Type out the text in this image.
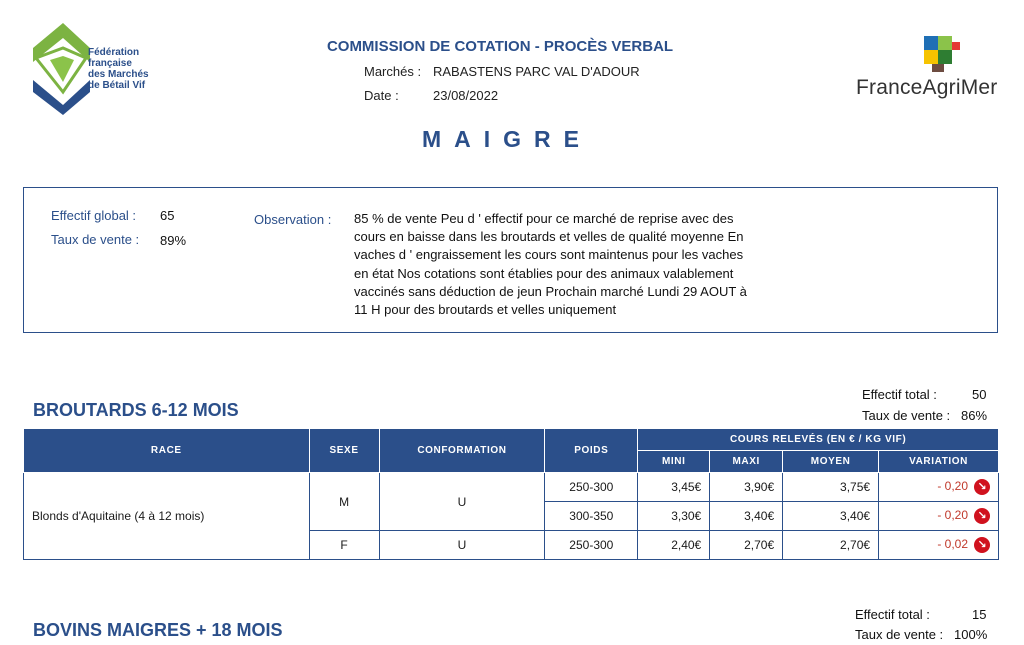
Fédération
française
des Marchés
de Bétail Vif
COMMISSION DE COTATION - PROCÈS VERBAL
Marchés : RABASTENS PARC VAL D'ADOUR
Date :	23/08/2022
MAIGRE
FranceAgriMer
Effectif global : 65
Taux de vente : 89%
Observation : 85 % de vente Peu d ' effectif pour ce marché de reprise avec des
cours en baisse dans les broutards et velles de qualité moyenne En
vaches d ' engraissement les cours sont maintenus pour les vaches
en état Nos cotations sont établies pour des animaux valablement
vaccinés sans déduction de jeun Prochain marché Lundi 29 AOUT à
11 H pour des broutards et velles uniquement
BROUTARDS 6-12 MOIS
Effectif total :	50
Taux de vente : 86%
RACE	SEXE	CONFORMATION	POIDS	COURS RELEVÉS (EN € / KG VIF)			
				MINI	MAXI	MOYEN	VARIATION
Blonds d'Aquitaine (4 à 12 mois)	M	U	250-300	3,45€	3,90€	3,75€	- 0,20 ↘
			300-350	3,30€	3,40€	3,40€	- 0,20 ↘
	F	U	250-300	2,40€	2,70€	2,70€	- 0,02 ↘
BOVINS MAIGRES + 18 MOIS
Effectif total :	15
Taux de vente : 100%
